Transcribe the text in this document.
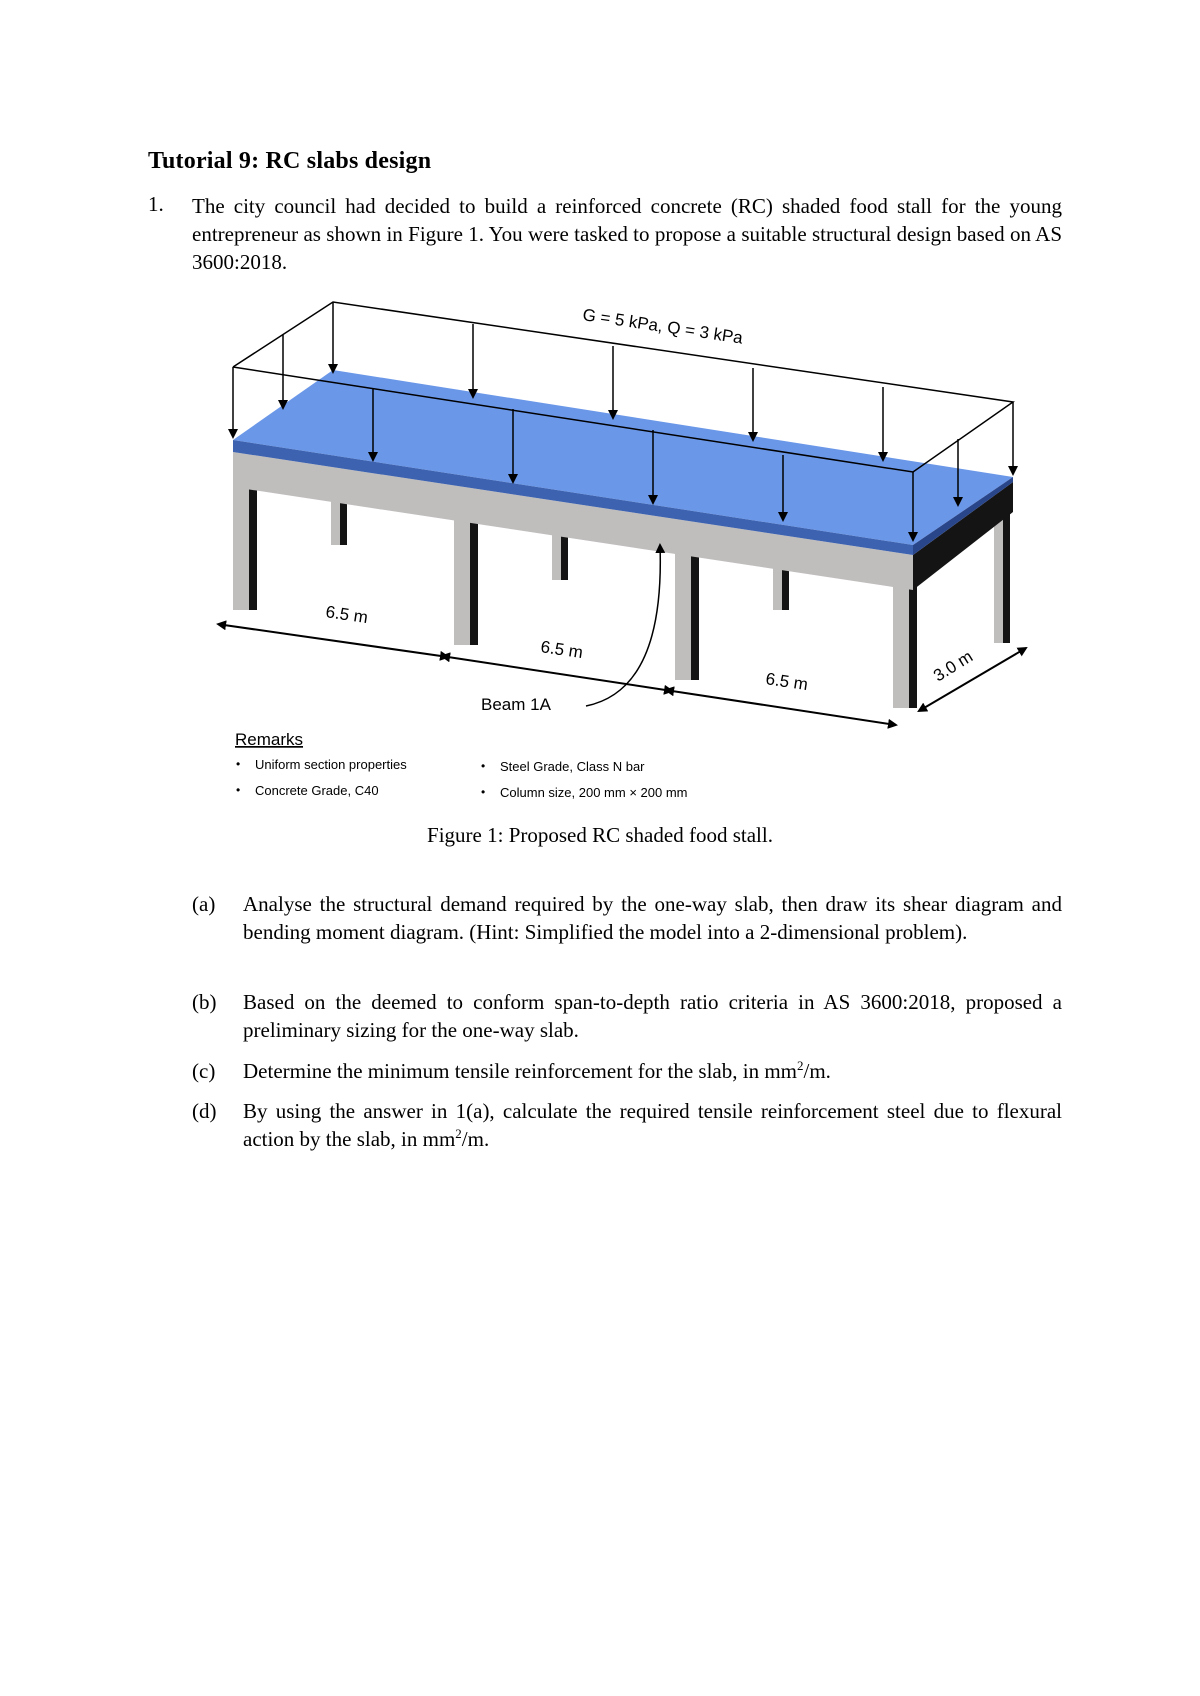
Tutorial 9: RC slabs design
1. The city council had decided to build a reinforced concrete (RC) shaded food stall for the young entrepreneur as shown in Figure 1. You were tasked to propose a suitable structural design based on AS 3600:2018.
G = 5 kPa, Q = 3 kPa
6.5 m
6.5 m
6.5 m	3.0 m
Beam 1A
Remarks
• Uniform section properties
• Concrete Grade, C40
• Steel Grade, Class N bar
• Column size, 200 mm × 200 mm
Figure 1: Proposed RC shaded food stall.
(a) Analyse the structural demand required by the one-way slab, then draw its shear diagram and bending moment diagram. (Hint: Simplified the model into a 2-dimensional problem).
(b) Based on the deemed to conform span-to-depth ratio criteria in AS 3600:2018, proposed a preliminary sizing for the one-way slab.
(c) Determine the minimum tensile reinforcement for the slab, in $mm^2/m$.
(d) By using the answer in 1(a), calculate the required tensile reinforcement steel due to flexural action by the slab, in $mm^2/m$.
